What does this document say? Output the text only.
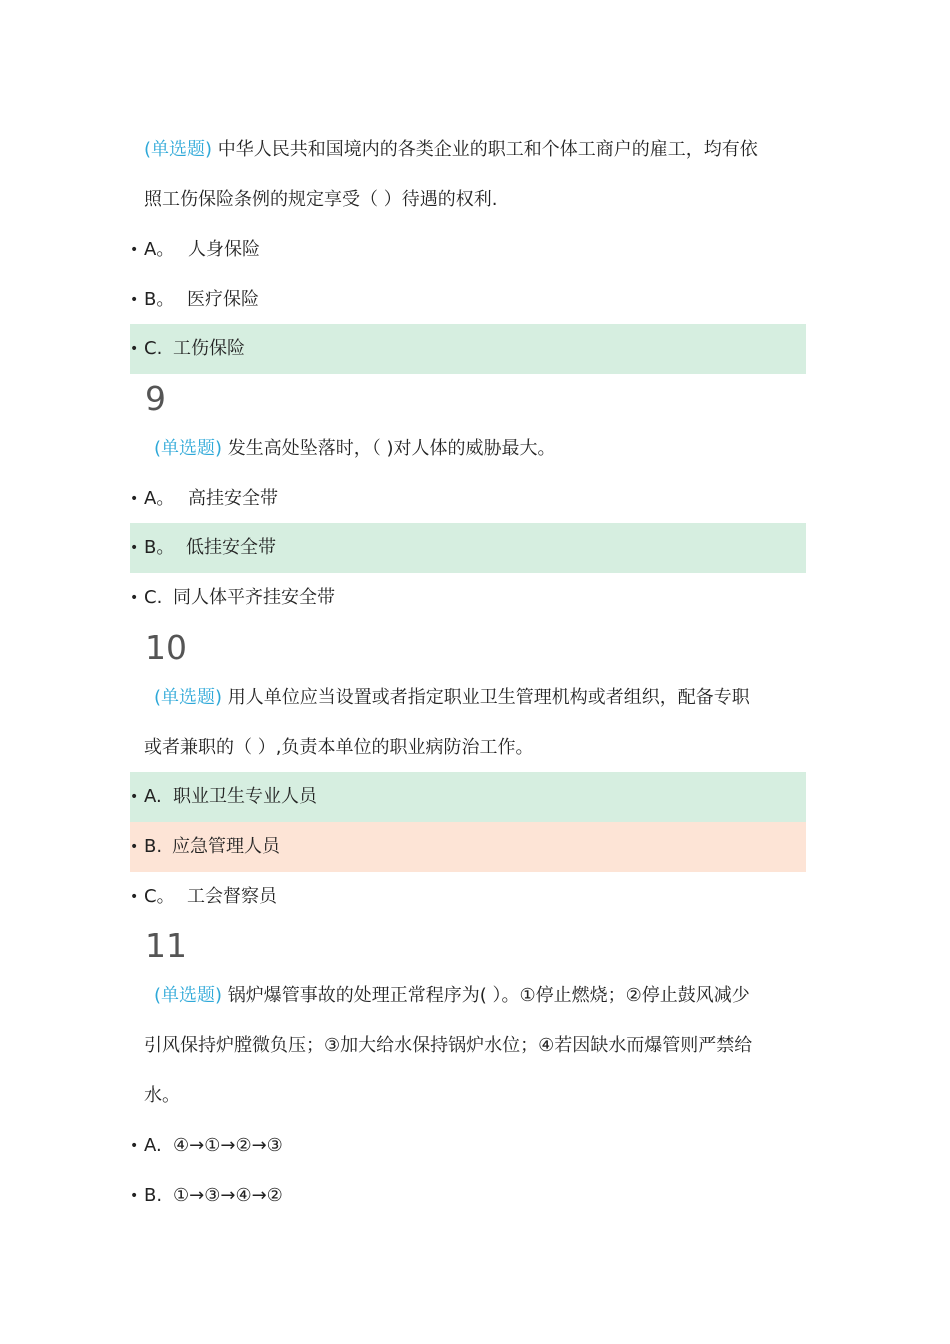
(单选题) 中华人民共和国境内的各类企业的职工和个体工商户的雇工，均有依
照工伤保险条例的规定享受（ ）待遇的权利.

• A。 人身保险
• B。 医疗保险
• C. 工伤保险
9

(单选题) 发生高处坠落时，（ )对人体的威胁最大。

• A。 高挂安全带
• B。 低挂安全带
• C. 同人体平齐挂安全带
10

(单选题) 用人单位应当设置或者指定职业卫生管理机构或者组织，配备专职
或者兼职的（ ）,负责本单位的职业病防治工作。

• A. 职业卫生专业人员
• B. 应急管理人员
• C。 工会督察员
11

(单选题) 锅炉爆管事故的处理正常程序为( ）。①停止燃烧；②停止鼓风减少
引风保持炉膛微负压；③加大给水保持锅炉水位；④若因缺水而爆管则严禁给
水。

• A. ④→①→②→③
• B. ①→③→④→②
